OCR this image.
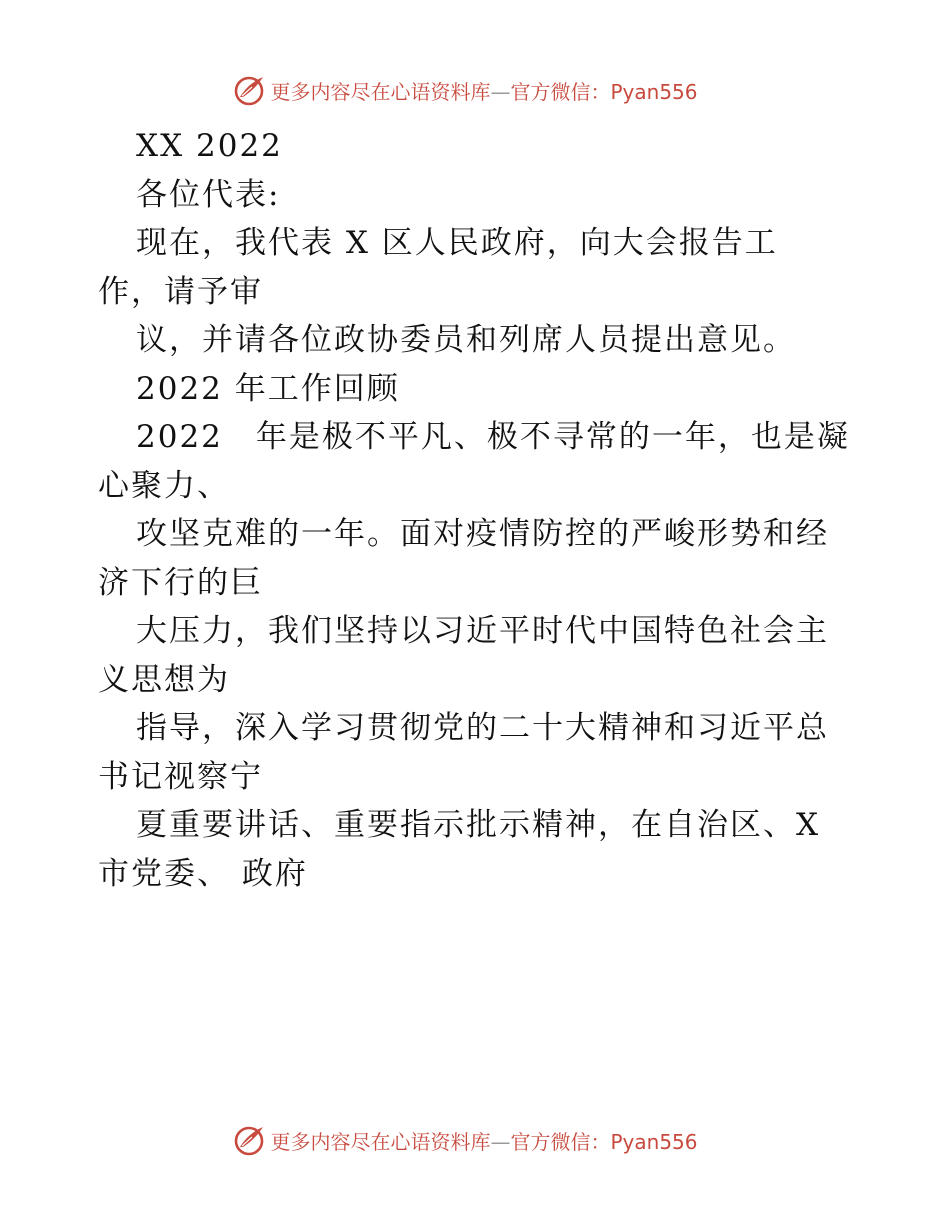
更多内容尽在心语资料库—官方微信：Pyan556
XX 2022
各位代表:
现在，我代表 X 区人民政府，向大会报告工
作，请予审
议，并请各位政协委员和列席人员提出意见。
2022 年工作回顾
2022　年是极不平凡、极不寻常的一年，也是凝
心聚力、
攻坚克难的一年。面对疫情防控的严峻形势和经
济下行的巨
大压力，我们坚持以习近平时代中国特色社会主
义思想为
指导，深入学习贯彻党的二十大精神和习近平总
书记视察宁
夏重要讲话、重要指示批示精神，在自治区、X
市党委、 政府
更多内容尽在心语资料库—官方微信：Pyan556
